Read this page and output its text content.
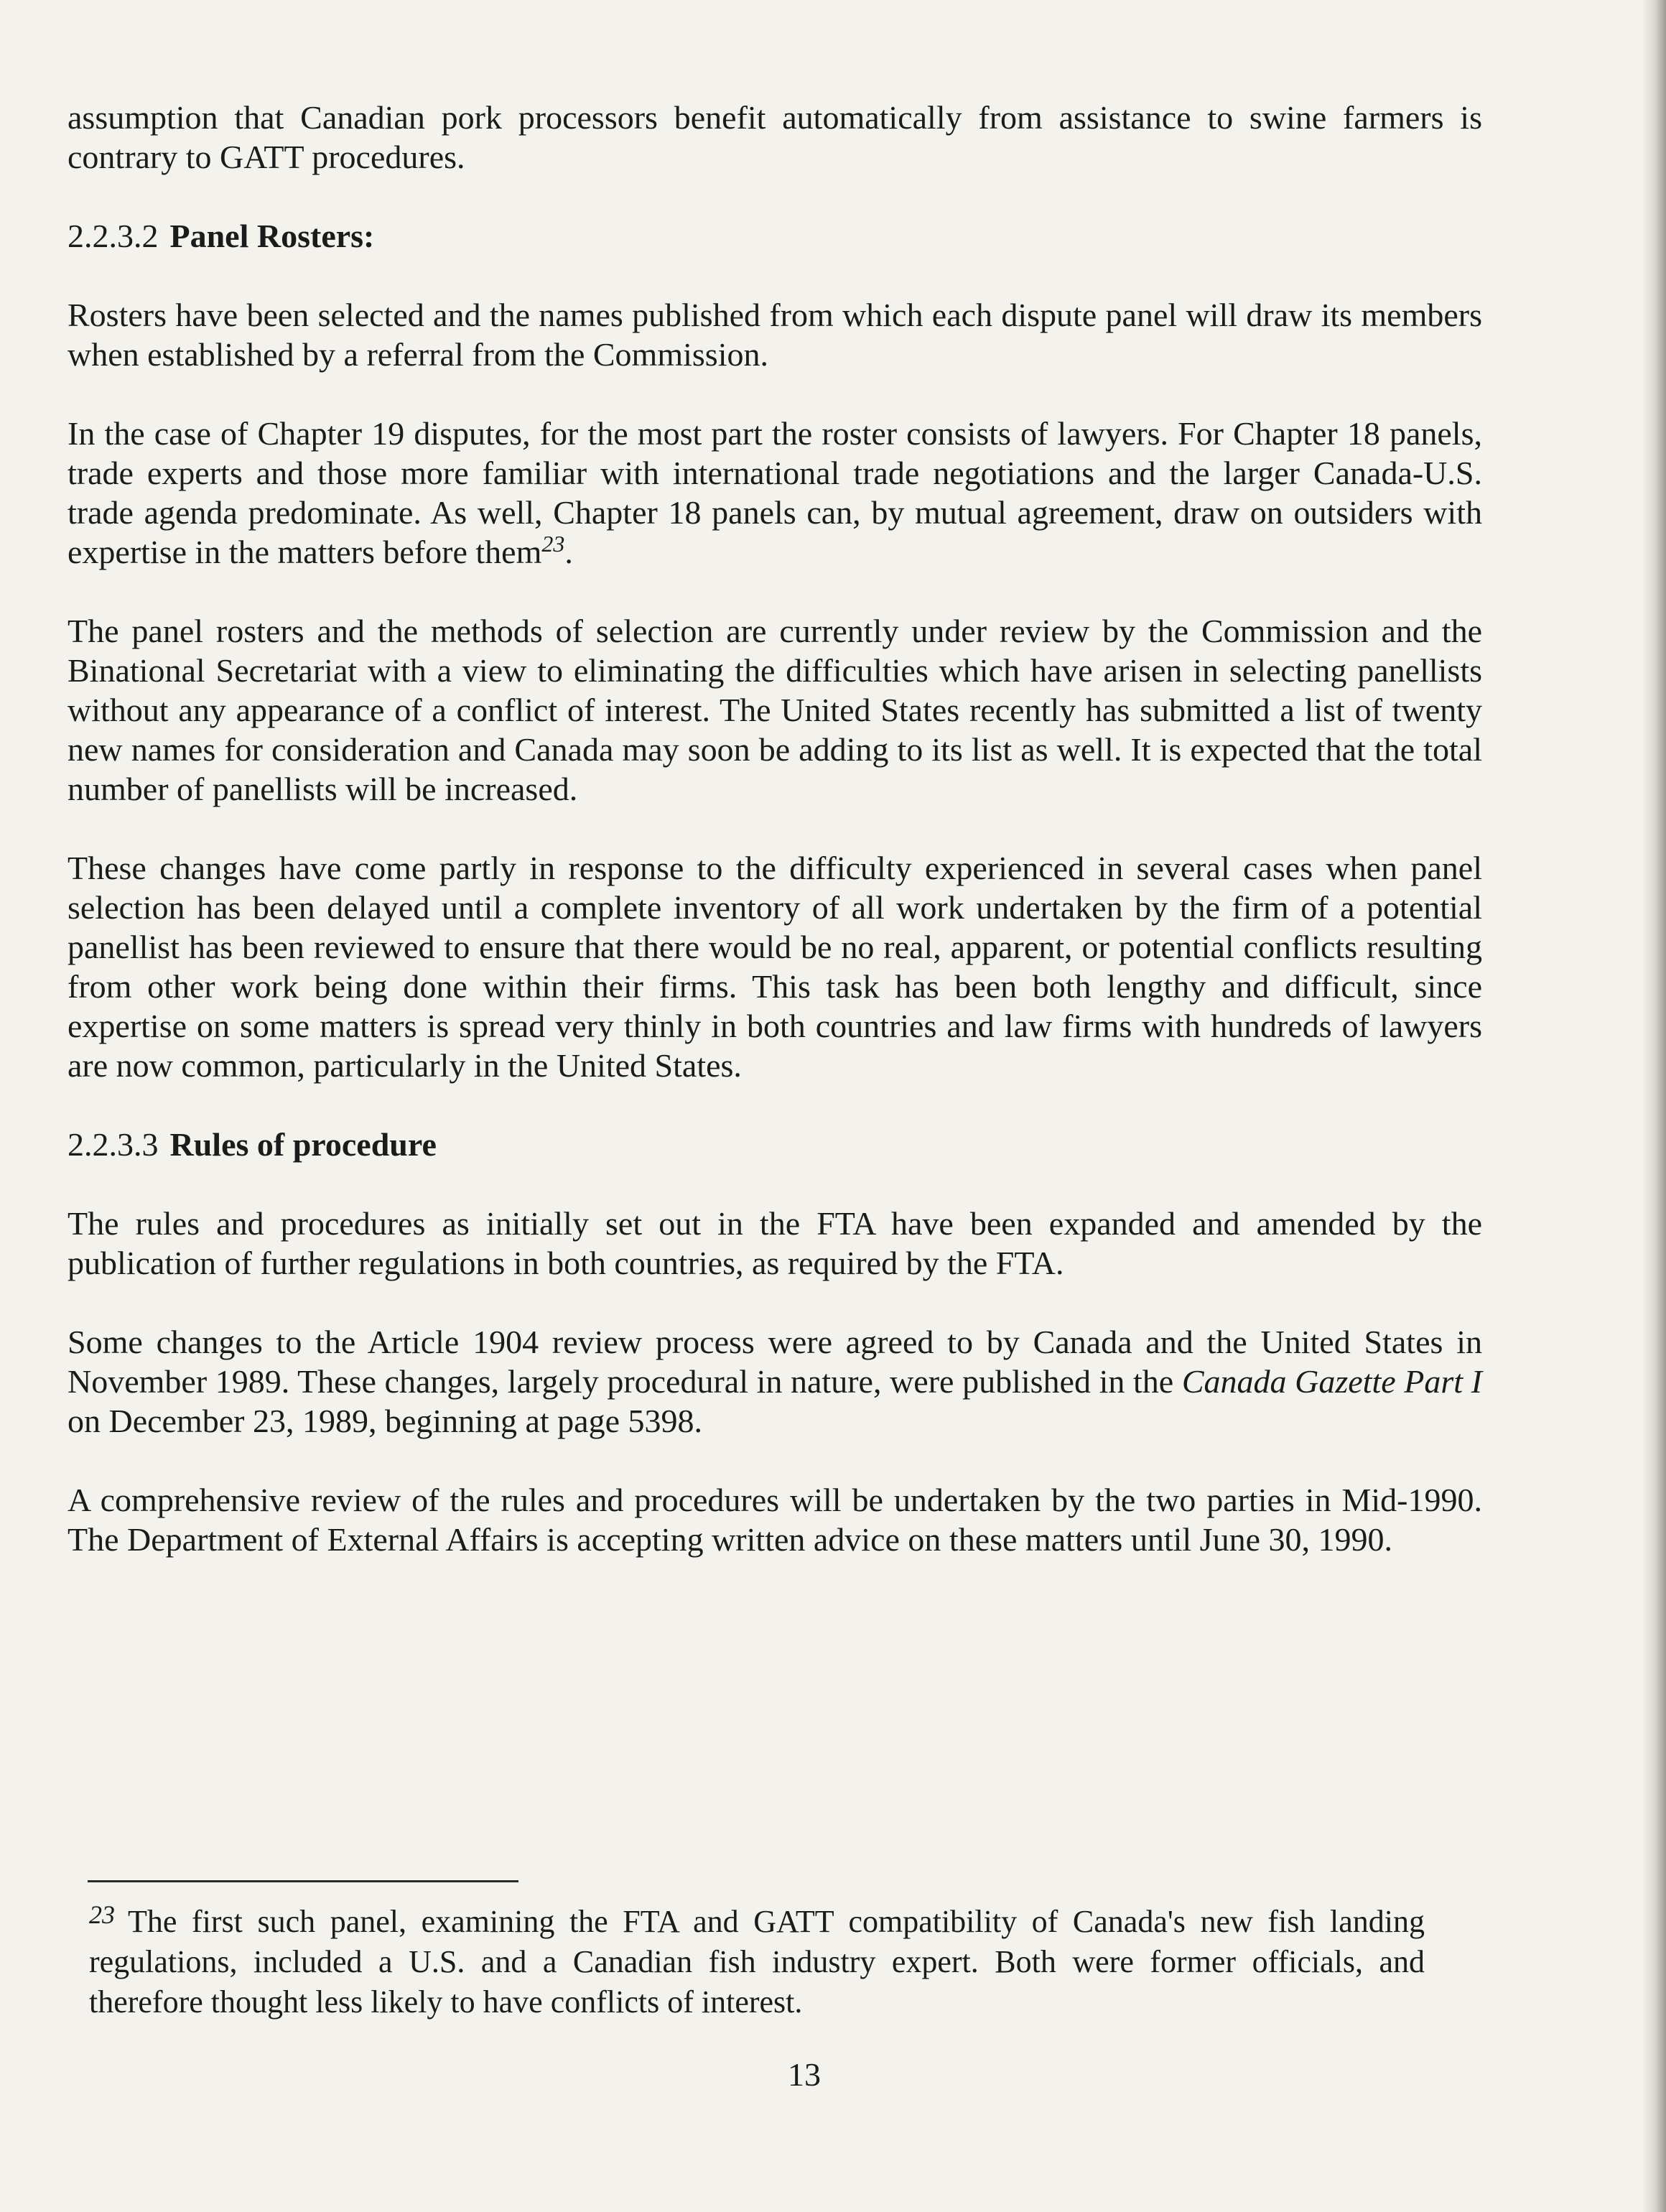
assumption that Canadian pork processors benefit automatically from assistance to swine farmers is contrary to GATT procedures.

2.2.3.2 Panel Rosters:

Rosters have been selected and the names published from which each dispute panel will draw its members when established by a referral from the Commission.

In the case of Chapter 19 disputes, for the most part the roster consists of lawyers. For Chapter 18 panels, trade experts and those more familiar with international trade negotiations and the larger Canada-U.S. trade agenda predominate. As well, Chapter 18 panels can, by mutual agreement, draw on outsiders with expertise in the matters before them$^{23}$.

The panel rosters and the methods of selection are currently under review by the Commission and the Binational Secretariat with a view to eliminating the difficulties which have arisen in selecting panellists without any appearance of a conflict of interest. The United States recently has submitted a list of twenty new names for consideration and Canada may soon be adding to its list as well. It is expected that the total number of panellists will be increased.

These changes have come partly in response to the difficulty experienced in several cases when panel selection has been delayed until a complete inventory of all work undertaken by the firm of a potential panellist has been reviewed to ensure that there would be no real, apparent, or potential conflicts resulting from other work being done within their firms. This task has been both lengthy and difficult, since expertise on some matters is spread very thinly in both countries and law firms with hundreds of lawyers are now common, particularly in the United States.

2.2.3.3 Rules of procedure

The rules and procedures as initially set out in the FTA have been expanded and amended by the publication of further regulations in both countries, as required by the FTA.

Some changes to the Article 1904 review process were agreed to by Canada and the United States in November 1989. These changes, largely procedural in nature, were published in the Canada Gazette Part I on December 23, 1989, beginning at page 5398.

A comprehensive review of the rules and procedures will be undertaken by the two parties in Mid-1990. The Department of External Affairs is accepting written advice on these matters until June 30, 1990.

$^{23}$ The first such panel, examining the FTA and GATT compatibility of Canada's new fish landing regulations, included a U.S. and a Canadian fish industry expert. Both were former officials, and therefore thought less likely to have conflicts of interest.

13
